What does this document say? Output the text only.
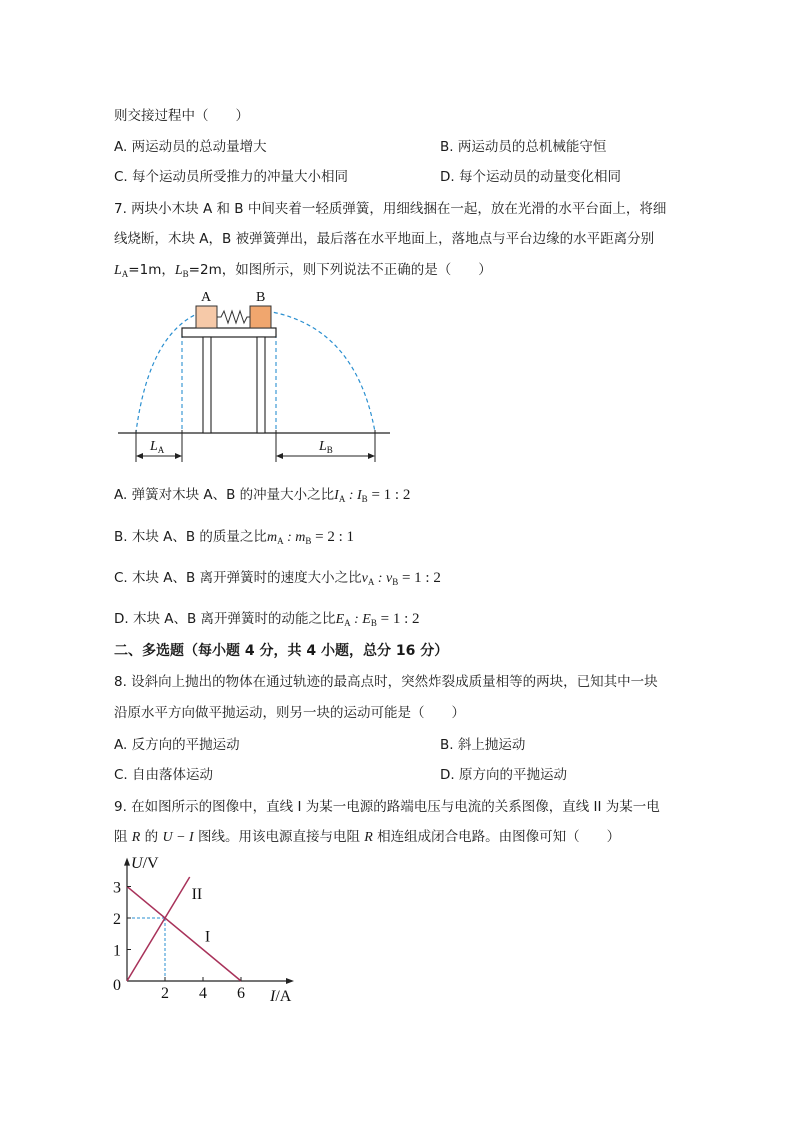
则交接过程中（　　）
A. 两运动员的总动量增大	B. 两运动员的总机械能守恒
C. 每个运动员所受推力的冲量大小相同	D. 每个运动员的动量变化相同
7. 两块小木块 A 和 B 中间夹着一轻质弹簧，用细线捆在一起，放在光滑的水平台面上，将细
线烧断，木块 A，B 被弹簧弹出，最后落在水平地面上，落地点与平台边缘的水平距离分别
$L_A=1m$，$L_B=2m$，如图所示，则下列说法不正确的是（　　）
A	B
$L_A$	$L_B$
A. 弹簧对木块 A、B 的冲量大小之比$I_A$ : $I_B = 1$ : 2
B. 木块 A、B 的质量之比$m_A$ : $m_B = 2$ : 1
C. 木块 A、B 离开弹簧时的速度大小之比$v_A$ : $v_B = 1$ : 2
D. 木块 A、B 离开弹簧时的动能之比$E_A$ : $E_B = 1$ : 2
二、多选题（每小题 4 分，共 4 小题，总分 16 分）
8. 设斜向上抛出的物体在通过轨迹的最高点时，突然炸裂成质量相等的两块，已知其中一块
沿原水平方向做平抛运动，则另一块的运动可能是（　　）
A. 反方向的平抛运动	B. 斜上抛运动
C. 自由落体运动	D. 原方向的平抛运动
9. 在如图所示的图像中，直线 I 为某一电源的路端电压与电流的关系图像，直线 II 为某一电
阻 R 的 U − I 图线。用该电源直接与电阻 R 相连组成闭合电路。由图像可知（　　）
I
II
2 4 6
1
2
3
0
U/V
I/A
